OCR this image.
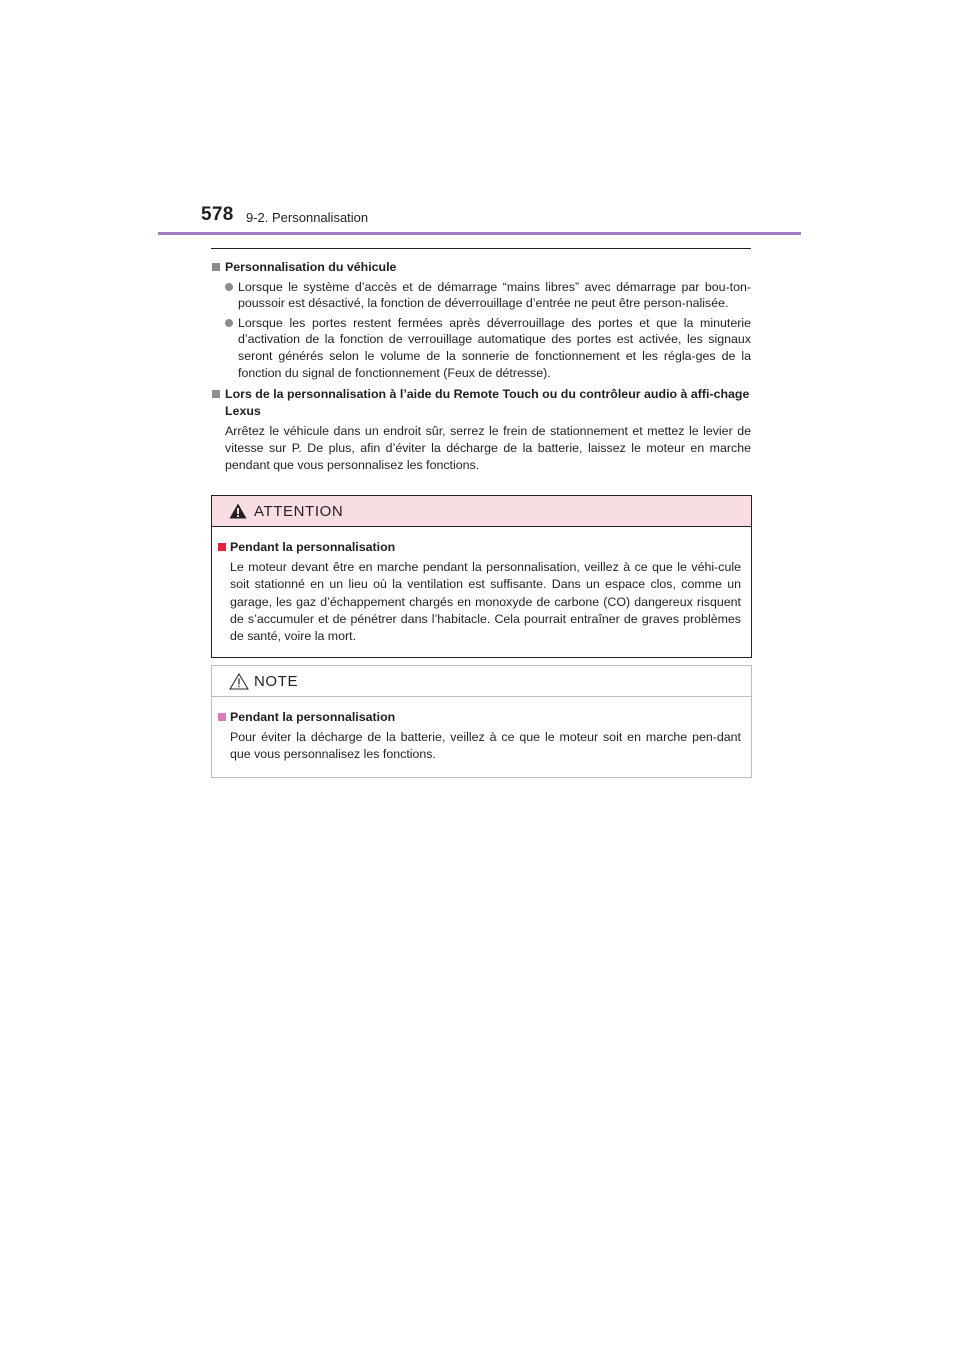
578 9-2. Personnalisation
Personnalisation du véhicule
Lorsque le système d’accès et de démarrage “mains libres” avec démarrage par bou-ton-poussoir est désactivé, la fonction de déverrouillage d’entrée ne peut être person-nalisée.
Lorsque les portes restent fermées après déverrouillage des portes et que la minuterie d’activation de la fonction de verrouillage automatique des portes est activée, les signaux seront générés selon le volume de la sonnerie de fonctionnement et les régla-ges de la fonction du signal de fonctionnement (Feux de détresse).
Lors de la personnalisation à l’aide du Remote Touch ou du contrôleur audio à affi-chage Lexus
Arrêtez le véhicule dans un endroit sûr, serrez le frein de stationnement et mettez le levier de vitesse sur P. De plus, afin d’éviter la décharge de la batterie, laissez le moteur en marche pendant que vous personnalisez les fonctions.
ATTENTION
Pendant la personnalisation
Le moteur devant être en marche pendant la personnalisation, veillez à ce que le véhi-cule soit stationné en un lieu où la ventilation est suffisante. Dans un espace clos, comme un garage, les gaz d’échappement chargés en monoxyde de carbone (CO) dangereux risquent de s’accumuler et de pénétrer dans l’habitacle. Cela pourrait entraîner de graves problèmes de santé, voire la mort.
NOTE
Pendant la personnalisation
Pour éviter la décharge de la batterie, veillez à ce que le moteur soit en marche pen-dant que vous personnalisez les fonctions.
